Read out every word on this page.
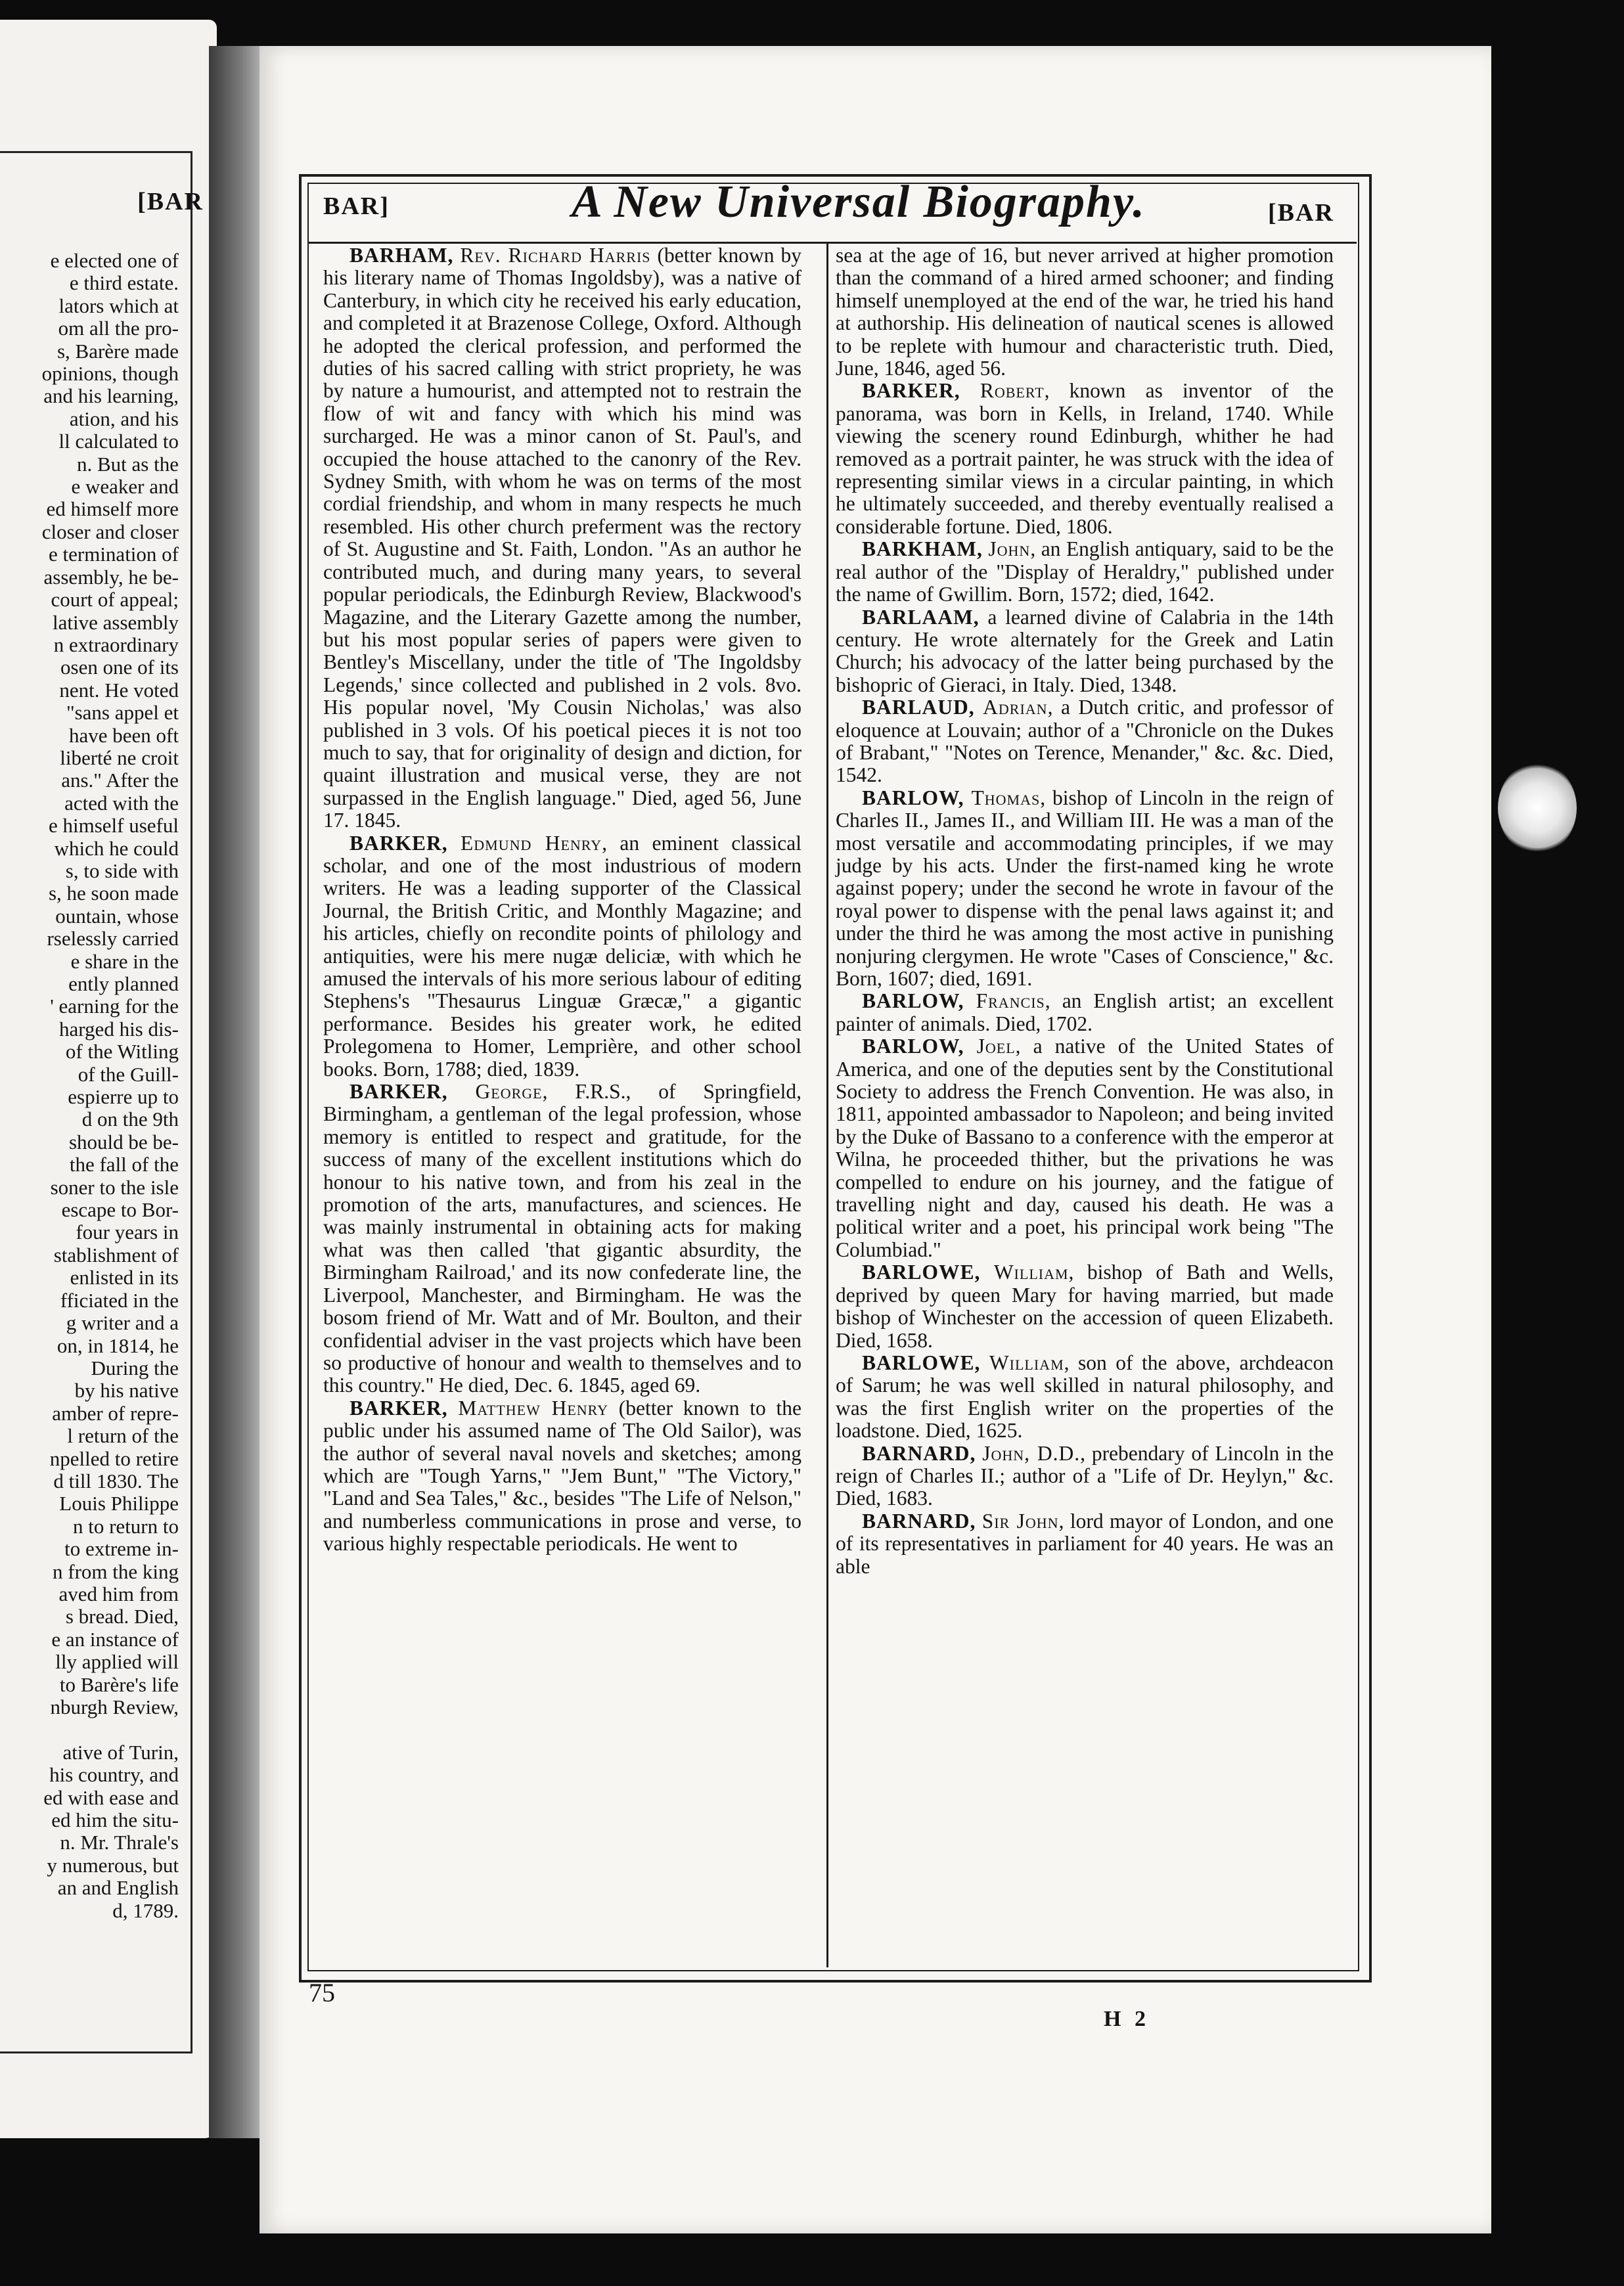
[BAR
e elected one of
e third estate.
lators which at
om all the pro-
s, Barère made
opinions, though
and his learning,
ation, and his
ll calculated to
n. But as the
e weaker and
ed himself more
closer and closer
e termination of
assembly, he be-
court of appeal;
lative assembly
n extraordinary
osen one of its
nent. He voted
"sans appel et
have been oft
liberté ne croit
ans." After the
acted with the
e himself useful
which he could
s, to side with
s, he soon made
ountain, whose
rselessly carried
e share in the
ently planned
' earning for the
harged his dis-
of the Witling
of the Guill-
espierre up to
d on the 9th
should be be-
the fall of the
soner to the isle
escape to Bor-
four years in
stablishment of
enlisted in its
fficiated in the
g writer and a
on, in 1814, he
During the
by his native
amber of repre-
l return of the
npelled to retire
d till 1830. The
Louis Philippe
n to return to
to extreme in-
n from the king
aved him from
s bread. Died,
e an instance of
lly applied will
to Barère's life
nburgh Review,

ative of Turin,
his country, and
ed with ease and
ed him the situ-
n. Mr. Thrale's
y numerous, but
an and English
d, 1789.
BAR]	A New Universal Biography.	[BAR

BARHAM, Rev. Richard Harris (better known by his literary name of Thomas Ingoldsby), was a native of Canterbury, in which city he received his early education, and completed it at Brazenose College, Oxford. Although he adopted the clerical profession, and performed the duties of his sacred calling with strict propriety, he was by nature a humourist, and attempted not to restrain the flow of wit and fancy with which his mind was surcharged. He was a minor canon of St. Paul's, and occupied the house attached to the canonry of the Rev. Sydney Smith, with whom he was on terms of the most cordial friendship, and whom in many respects he much resembled. His other church preferment was the rectory of St. Augustine and St. Faith, London. "As an author he contributed much, and during many years, to several popular periodicals, the Edinburgh Review, Blackwood's Magazine, and the Literary Gazette among the number, but his most popular series of papers were given to Bentley's Miscellany, under the title of 'The Ingoldsby Legends,' since collected and published in 2 vols. 8vo. His popular novel, 'My Cousin Nicholas,' was also published in 3 vols. Of his poetical pieces it is not too much to say, that for originality of design and diction, for quaint illustration and musical verse, they are not surpassed in the English language." Died, aged 56, June 17. 1845.

BARKER, Edmund Henry, an eminent classical scholar, and one of the most industrious of modern writers. He was a leading supporter of the Classical Journal, the British Critic, and Monthly Magazine; and his articles, chiefly on recondite points of philology and antiquities, were his mere nugæ deliciæ, with which he amused the intervals of his more serious labour of editing Stephens's "Thesaurus Linguæ Græcæ," a gigantic performance. Besides his greater work, he edited Prolegomena to Homer, Lemprière, and other school books. Born, 1788; died, 1839.

BARKER, George, F.R.S., of Springfield, Birmingham, a gentleman of the legal profession, whose memory is entitled to respect and gratitude, for the success of many of the excellent institutions which do honour to his native town, and from his zeal in the promotion of the arts, manufactures, and sciences. He was mainly instrumental in obtaining acts for making what was then called 'that gigantic absurdity, the Birmingham Railroad,' and its now confederate line, the Liverpool, Manchester, and Birmingham. He was the bosom friend of Mr. Watt and of Mr. Boulton, and their confidential adviser in the vast projects which have been so productive of honour and wealth to themselves and to this country." He died, Dec. 6. 1845, aged 69.

BARKER, Matthew Henry (better known to the public under his assumed name of The Old Sailor), was the author of several naval novels and sketches; among which are "Tough Yarns," "Jem Bunt," "The Victory," "Land and Sea Tales," &c., besides "The Life of Nelson," and numberless communications in prose and verse, to various highly respectable periodicals. He went to

sea at the age of 16, but never arrived at higher promotion than the command of a hired armed schooner; and finding himself unemployed at the end of the war, he tried his hand at authorship. His delineation of nautical scenes is allowed to be replete with humour and characteristic truth. Died, June, 1846, aged 56.

BARKER, Robert, known as inventor of the panorama, was born in Kells, in Ireland, 1740. While viewing the scenery round Edinburgh, whither he had removed as a portrait painter, he was struck with the idea of representing similar views in a circular painting, in which he ultimately succeeded, and thereby eventually realised a considerable fortune. Died, 1806.

BARKHAM, John, an English antiquary, said to be the real author of the "Display of Heraldry," published under the name of Gwillim. Born, 1572; died, 1642.

BARLAAM, a learned divine of Calabria in the 14th century. He wrote alternately for the Greek and Latin Church; his advocacy of the latter being purchased by the bishopric of Gieraci, in Italy. Died, 1348.

BARLAUD, Adrian, a Dutch critic, and professor of eloquence at Louvain; author of a "Chronicle on the Dukes of Brabant," "Notes on Terence, Menander," &c. &c. Died, 1542.

BARLOW, Thomas, bishop of Lincoln in the reign of Charles II., James II., and William III. He was a man of the most versatile and accommodating principles, if we may judge by his acts. Under the first-named king he wrote against popery; under the second he wrote in favour of the royal power to dispense with the penal laws against it; and under the third he was among the most active in punishing nonjuring clergymen. He wrote "Cases of Conscience," &c. Born, 1607; died, 1691.

BARLOW, Francis, an English artist; an excellent painter of animals. Died, 1702.

BARLOW, Joel, a native of the United States of America, and one of the deputies sent by the Constitutional Society to address the French Convention. He was also, in 1811, appointed ambassador to Napoleon; and being invited by the Duke of Bassano to a conference with the emperor at Wilna, he proceeded thither, but the privations he was compelled to endure on his journey, and the fatigue of travelling night and day, caused his death. He was a political writer and a poet, his principal work being "The Columbiad."

BARLOWE, William, bishop of Bath and Wells, deprived by queen Mary for having married, but made bishop of Winchester on the accession of queen Elizabeth. Died, 1658.

BARLOWE, William, son of the above, archdeacon of Sarum; he was well skilled in natural philosophy, and was the first English writer on the properties of the loadstone. Died, 1625.

BARNARD, John, D.D., prebendary of Lincoln in the reign of Charles II.; author of a "Life of Dr. Heylyn," &c. Died, 1683.

BARNARD, Sir John, lord mayor of London, and one of its representatives in parliament for 40 years. He was an able

75
H 2
